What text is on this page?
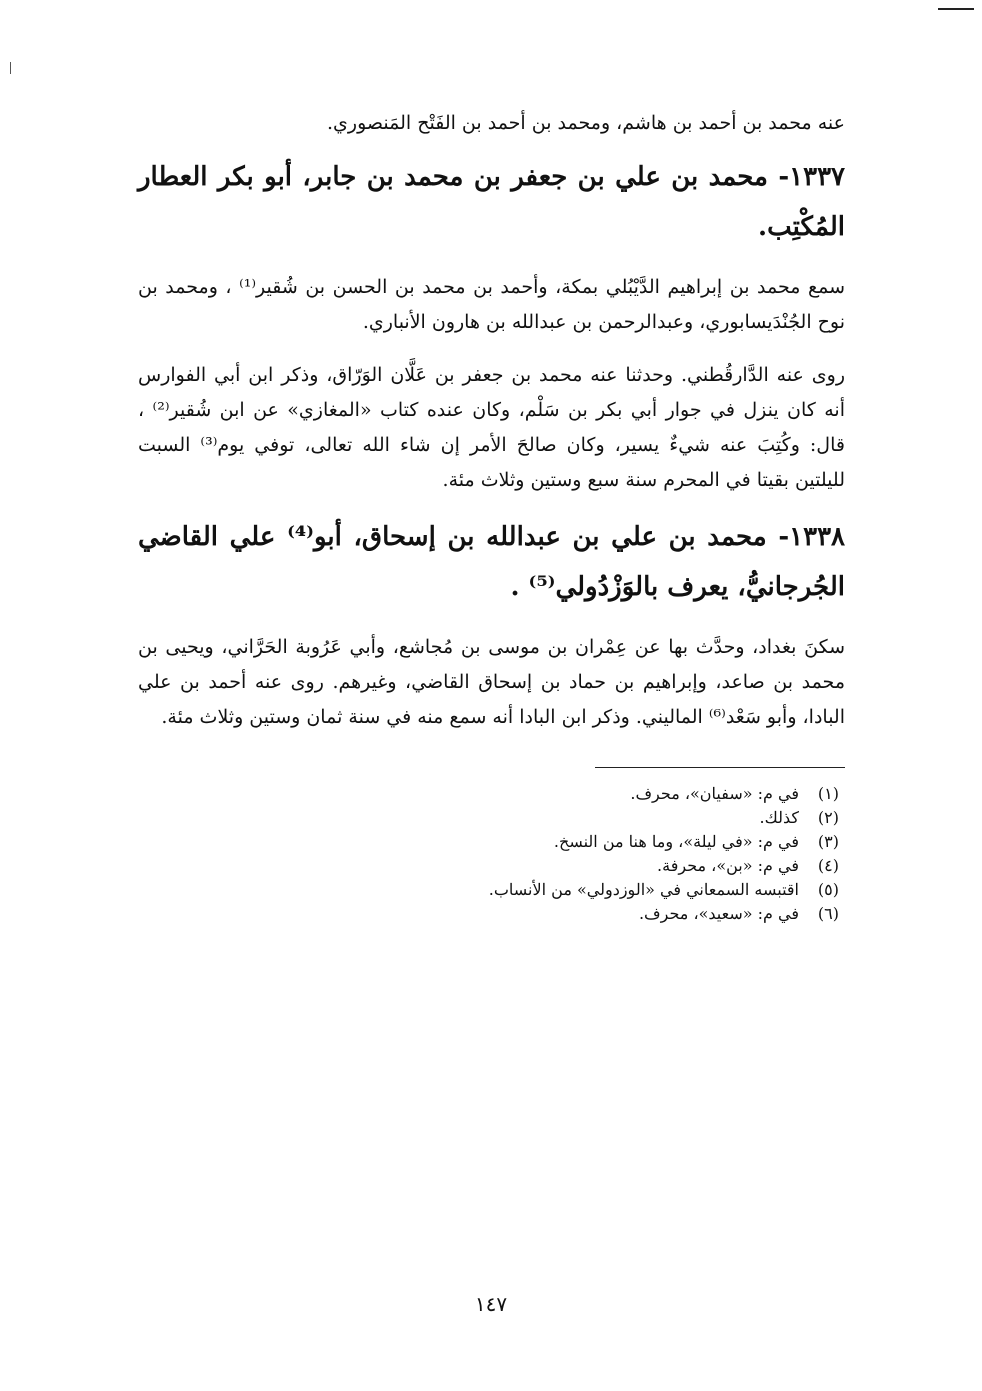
عنه محمد بن أحمد بن هاشم، ومحمد بن أحمد بن الفَتْح المَنصوري.

١٣٣٧- محمد بن علي بن جعفر بن محمد بن جابر، أبو بكر العطار المُكْتِب.

سمع محمد بن إبراهيم الدَّيْبُلي بمكة، وأحمد بن محمد بن الحسن بن شُقير⁽¹⁾ ، ومحمد بن نوح الجُنْدَيسابوري، وعبدالرحمن بن عبدالله بن هارون الأنباري.

روى عنه الدَّارقُطني. وحدثنا عنه محمد بن جعفر بن عَلَّان الوَرّاق، وذكر ابن أبي الفوارس أنه كان ينزل في جوار أبي بكر بن سَلْم، وكان عنده كتاب «المغازي» عن ابن شُقير⁽²⁾ ، قال: وكُتِبَ عنه شيءٌ يسير، وكان صالحَ الأمر إن شاء الله تعالى، توفي يوم⁽³⁾ السبت لليلتين بقيتا في المحرم سنة سبع وستين وثلاث مئة.

١٣٣٨- محمد بن علي بن عبدالله بن إسحاق، أبو⁽⁴⁾ علي القاضي الجُرجانيُّ، يعرف بالوَزْدُولي⁽⁵⁾ .

سكنَ بغداد، وحدَّث بها عن عِمْران بن موسى بن مُجاشع، وأبي عَرُوبة الحَرَّاني، ويحيى بن محمد بن صاعد، وإبراهيم بن حماد بن إسحاق القاضي، وغيرهم. روى عنه أحمد بن علي البادا، وأبو سَعْد⁽⁶⁾ الماليني. وذكر ابن البادا أنه سمع منه في سنة ثمان وستين وثلاث مئة.

(١)في م: «سفيان»، محرف.
(٢)كذلك.
(٣)في م: «في ليلة»، وما هنا من النسخ.
(٤)في م: «بن»، محرفة.
(٥)اقتبسه السمعاني في «الوزدولي» من الأنساب.
(٦)في م: «سعيد»، محرف.
١٤٧
